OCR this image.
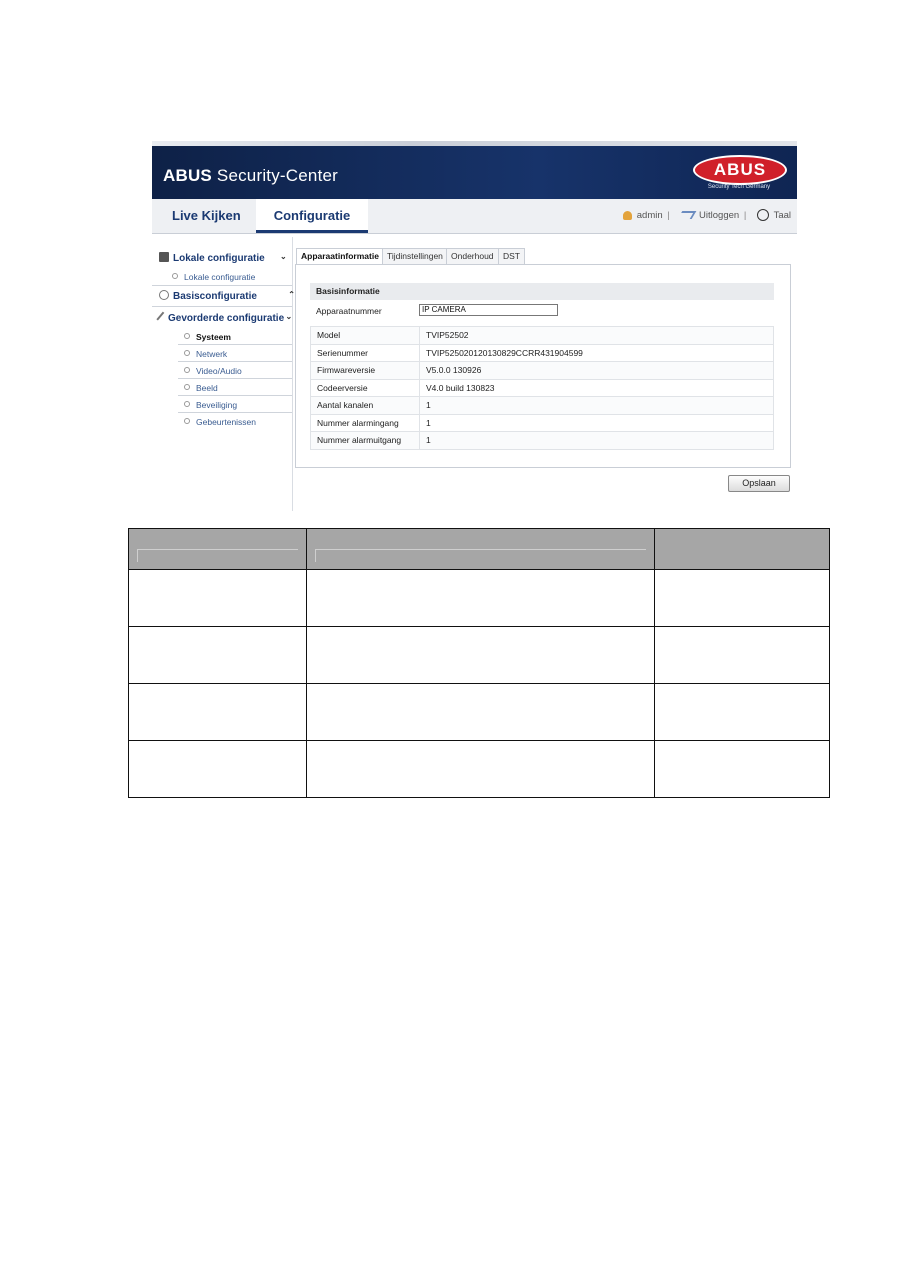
ABUS Security-Center	ABUS
Security Tech Germany
Live Kijken	Configuratie	admin |	Uitloggen |	Taal
Lokale configuratie ⌄
Lokale configuratie
Basisconfiguratie	⌃
Gevorderde configuratie ⌄
Systeem
Netwerk
Video/Audio
Beeld
Beveiliging
Gebeurtenissen
Apparaatinformatie Tijdinstellingen Onderhoud	DST
Basisinformatie
Apparaatnummer	IP CAMERA
Model	TVIP52502
Serienummer	TVIP525020120130829CCRR431904599
Firmwareversie	V5.0.0 130926
Codeerversie	V4.0 build 130823
Aantal kanalen	1
Nummer alarmingang	1
Nummer alarmuitgang	1
Opslaan
